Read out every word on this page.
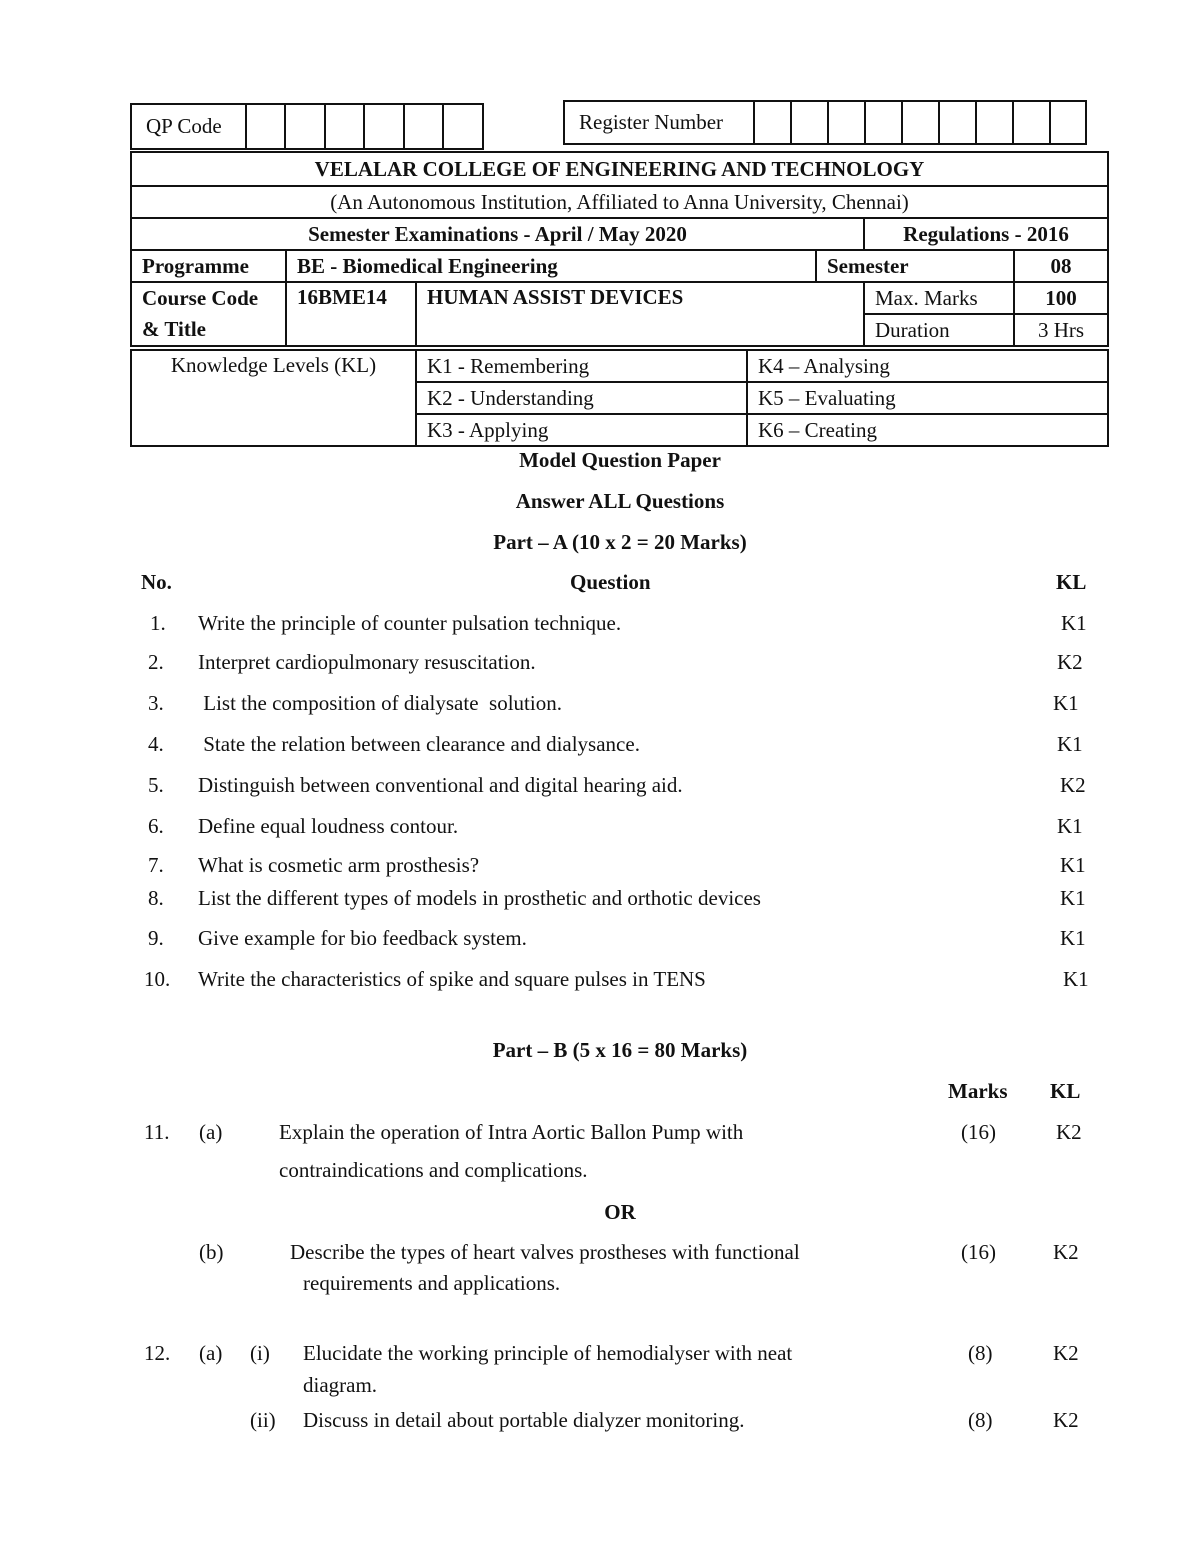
QP Code	Register Number
VELALAR COLLEGE OF ENGINEERING AND TECHNOLOGY					
(An Autonomous Institution, Affiliated to Anna University, Chennai)					
Semester Examinations - April / May 2020				Regulations - 2016	
Programme	BE - Biomedical Engineering		Semester		08

Course Code
& Title	16BME14	HUMAN ASSIST DEVICES		Max. Marks	100
				Duration	3 Hrs
Knowledge Levels (KL)	K1 - Remembering	K4 – Analysing
	K2 - Understanding	K5 – Evaluating
	K3 - Applying	K6 – Creating
Model Question Paper
Answer ALL Questions
Part – A (10 x 2 = 20 Marks)
No.	Question	KL
1. Write the principle of counter pulsation technique.	K1
2. Interpret cardiopulmonary resuscitation.	K2
3. List the composition of dialysate  solution.	K1
4. State the relation between clearance and dialysance.	K1
5. Distinguish between conventional and digital hearing aid.	K2
6. Define equal loudness contour.	K1
7. What is cosmetic arm prosthesis?	K1
8. List the different types of models in prosthetic and orthotic devices	K1
9. Give example for bio feedback system.	K1
10. Write the characteristics of spike and square pulses in TENS	K1
Part – B (5 x 16 = 80 Marks)
Marks KL
11. (a)	Explain the operation of Intra Aortic Ballon Pump with
contraindications and complications.
(16)	K2
OR
(b)	Describe the types of heart valves prostheses with functional
requirements and applications.
(16)	K2
12. (a) (i) Elucidate the working principle of hemodialyser with neat
diagram.
(8)	K2
(ii) Discuss in detail about portable dialyzer monitoring.	(8)	K2
